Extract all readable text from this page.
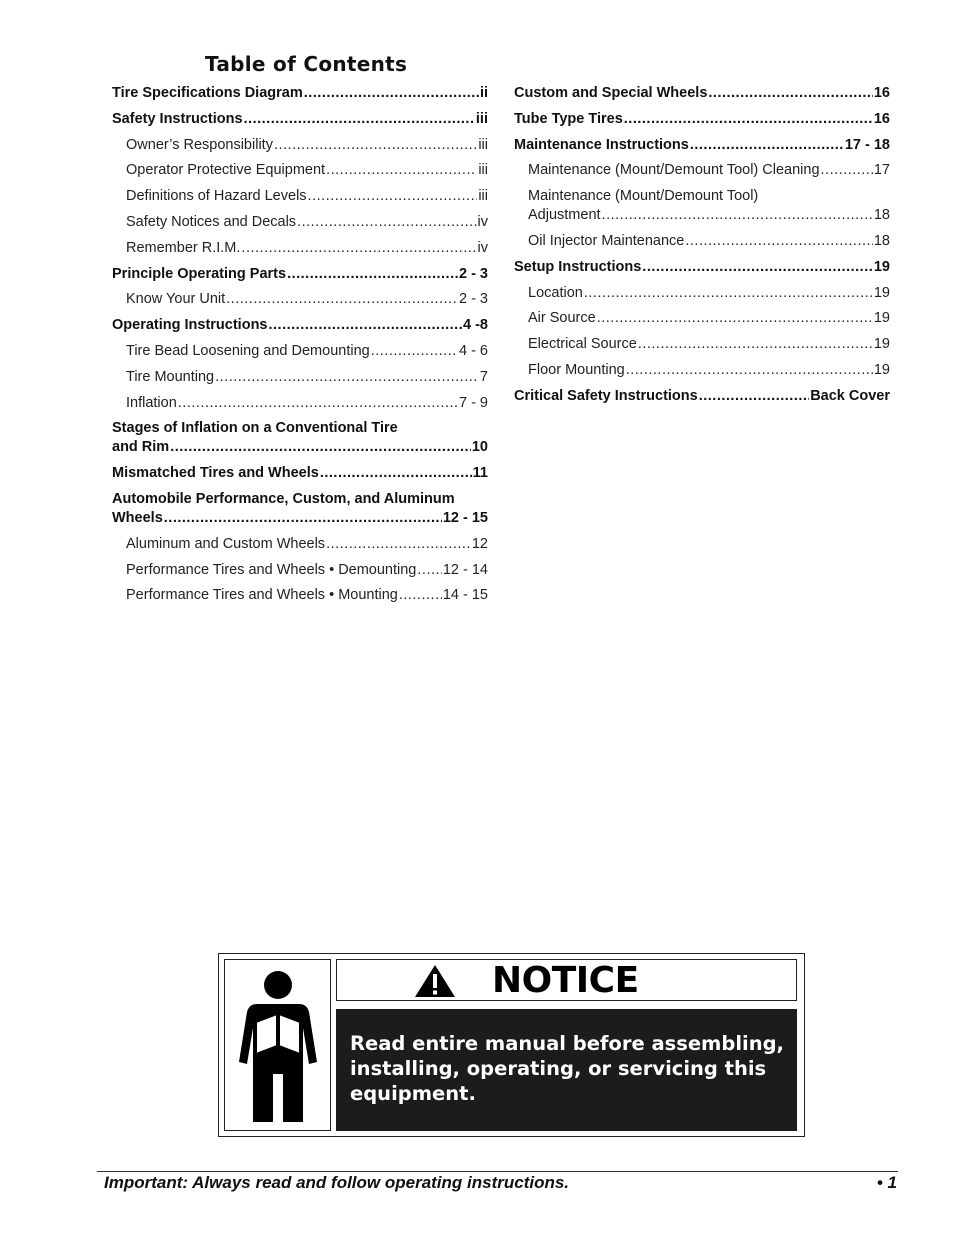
Table of Contents
Tire Specifications Diagram .....	ii
Safety Instructions .....	iii
Owner’s Responsibility .....	iii
Operator Protective Equipment .....	iii
Definitions of Hazard Levels .....	iii
Safety Notices and Decals .....	iv
Remember R.I.M. .....	iv
Principle Operating Parts .....	2 - 3
Know Your Unit .....	2 - 3
Operating Instructions .....	4 -8
Tire Bead Loosening and Demounting .....	4 - 6
Tire Mounting .....	7
Inflation .....	7 - 9
Stages of Inflation on a Conventional Tire
and Rim .....	10
Mismatched Tires and Wheels .....	11
Automobile Performance, Custom, and Aluminum
Wheels .....	12 - 15
Aluminum and Custom Wheels .....	12
Performance Tires and Wheels • Demounting ..... 12 - 14
Performance Tires and Wheels • Mounting .....	14 - 15
Custom and Special Wheels .....	16
Tube Type Tires .....	16
Maintenance Instructions .....	17 - 18
Maintenance (Mount/Demount Tool) Cleaning .....	17
Maintenance (Mount/Demount Tool)
Adjustment .....	18
Oil Injector Maintenance .....	18
Setup Instructions .....	19
Location .....	19
Air Source .....	19
Electrical Source .....	19
Floor Mounting .....	19
Critical Safety Instructions .....	Back Cover
NOTICE
Read entire manual before assembling, installing, operating, or servicing this equipment.
Important: Always read and follow operating instructions.	• 1
